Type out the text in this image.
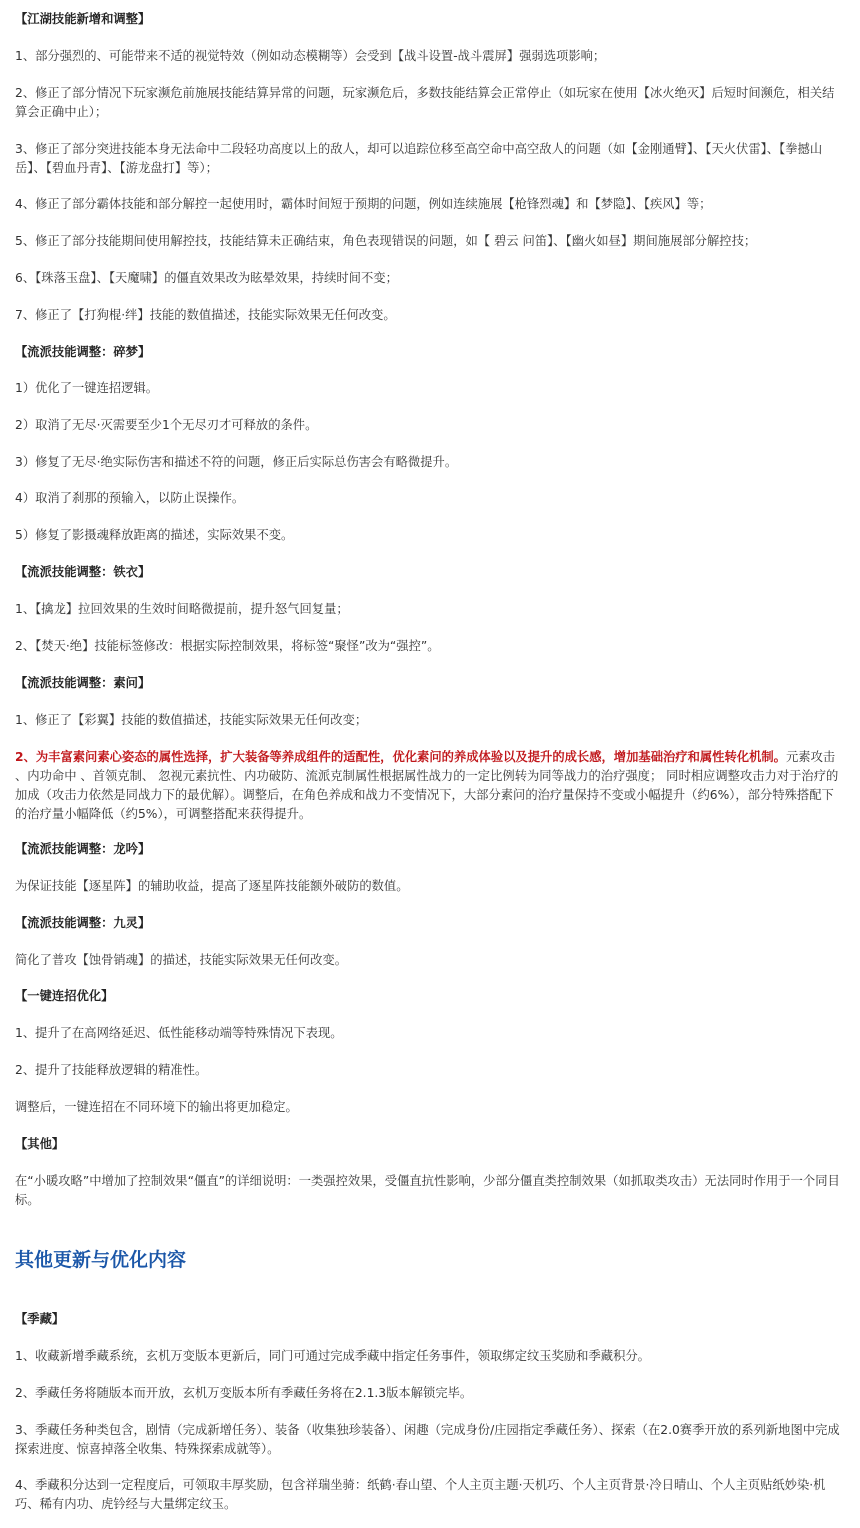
【江湖技能新增和调整】
1、部分强烈的、可能带来不适的视觉特效（例如动态模糊等）会受到【战斗设置-战斗震屏】强弱选项影响；
2、修正了部分情况下玩家濒危前施展技能结算异常的问题，玩家濒危后，多数技能结算会正常停止（如玩家在使用【冰火绝灭】后短时间濒危，相关结算会正确中止）；
3、修正了部分突进技能本身无法命中二段轻功高度以上的敌人，却可以追踪位移至高空命中高空敌人的问题（如【金刚通臂】、【天火伏雷】、【拳撼山岳】、【碧血丹青】、【游龙盘打】等）；
4、修正了部分霸体技能和部分解控一起使用时，霸体时间短于预期的问题，例如连续施展【枪锋烈魂】和【梦隐】、【疾风】等；
5、修正了部分技能期间使用解控技，技能结算未正确结束，角色表现错误的问题，如【 碧云 问笛】、【幽火如昼】期间施展部分解控技；
6、【珠落玉盘】、【天魔啸】的僵直效果改为眩晕效果，持续时间不变；
7、修正了【打狗棍·绊】技能的数值描述，技能实际效果无任何改变。
【流派技能调整：碎梦】
1）优化了一键连招逻辑。
2）取消了无尽·灭需要至少1个无尽刃才可释放的条件。
3）修复了无尽·绝实际伤害和描述不符的问题，修正后实际总伤害会有略微提升。
4）取消了刹那的预输入，以防止误操作。
5）修复了影摄魂释放距离的描述，实际效果不变。
【流派技能调整：铁衣】
1、【擒龙】拉回效果的生效时间略微提前，提升怒气回复量；
2、【焚天·绝】技能标签修改：根据实际控制效果，将标签“聚怪”改为“强控”。
【流派技能调整：素问】
1、修正了【彩翼】技能的数值描述，技能实际效果无任何改变；
2、为丰富素问素心姿态的属性选择，扩大装备等养成组件的适配性，优化素问的养成体验以及提升的成长感，增加基础治疗和属性转化机制。元素攻击 、内功命中 、首领克制、 忽视元素抗性、内功破防、流派克制属性根据属性战力的一定比例转为同等战力的治疗强度； 同时相应调整攻击力对于治疗的加成（攻击力依然是同战力下的最优解）。调整后，在角色养成和战力不变情况下，大部分素问的治疗量保持不变或小幅提升（约6%），部分特殊搭配下的治疗量小幅降低（约5%），可调整搭配来获得提升。
【流派技能调整：龙吟】
为保证技能【逐星阵】的辅助收益，提高了逐星阵技能额外破防的数值。
【流派技能调整：九灵】
简化了普攻【蚀骨销魂】的描述，技能实际效果无任何改变。
【一键连招优化】
1、提升了在高网络延迟、低性能移动端等特殊情况下表现。
2、提升了技能释放逻辑的精准性。
调整后，一键连招在不同环境下的输出将更加稳定。
【其他】
在“小暖攻略”中增加了控制效果“僵直”的详细说明：一类强控效果，受僵直抗性影响，少部分僵直类控制效果（如抓取类攻击）无法同时作用于一个同目标。
其他更新与优化内容
【季藏】
1、收藏新增季藏系统，玄机万变版本更新后，同门可通过完成季藏中指定任务事件，领取绑定纹玉奖励和季藏积分。
2、季藏任务将随版本而开放，玄机万变版本所有季藏任务将在2.1.3版本解锁完毕。
3、季藏任务种类包含，剧情（完成新增任务）、装备（收集独珍装备）、闲趣（完成身份/庄园指定季藏任务）、探索（在2.0赛季开放的系列新地图中完成探索进度、惊喜掉落全收集、特殊探索成就等）。
4、季藏积分达到一定程度后，可领取丰厚奖励，包含祥瑞坐骑：纸鹤·春山望、个人主页主题·天机巧、个人主页背景·冷日晴山、个人主页贴纸妙染·机巧、稀有内功、虎钤经与大量绑定纹玉。
